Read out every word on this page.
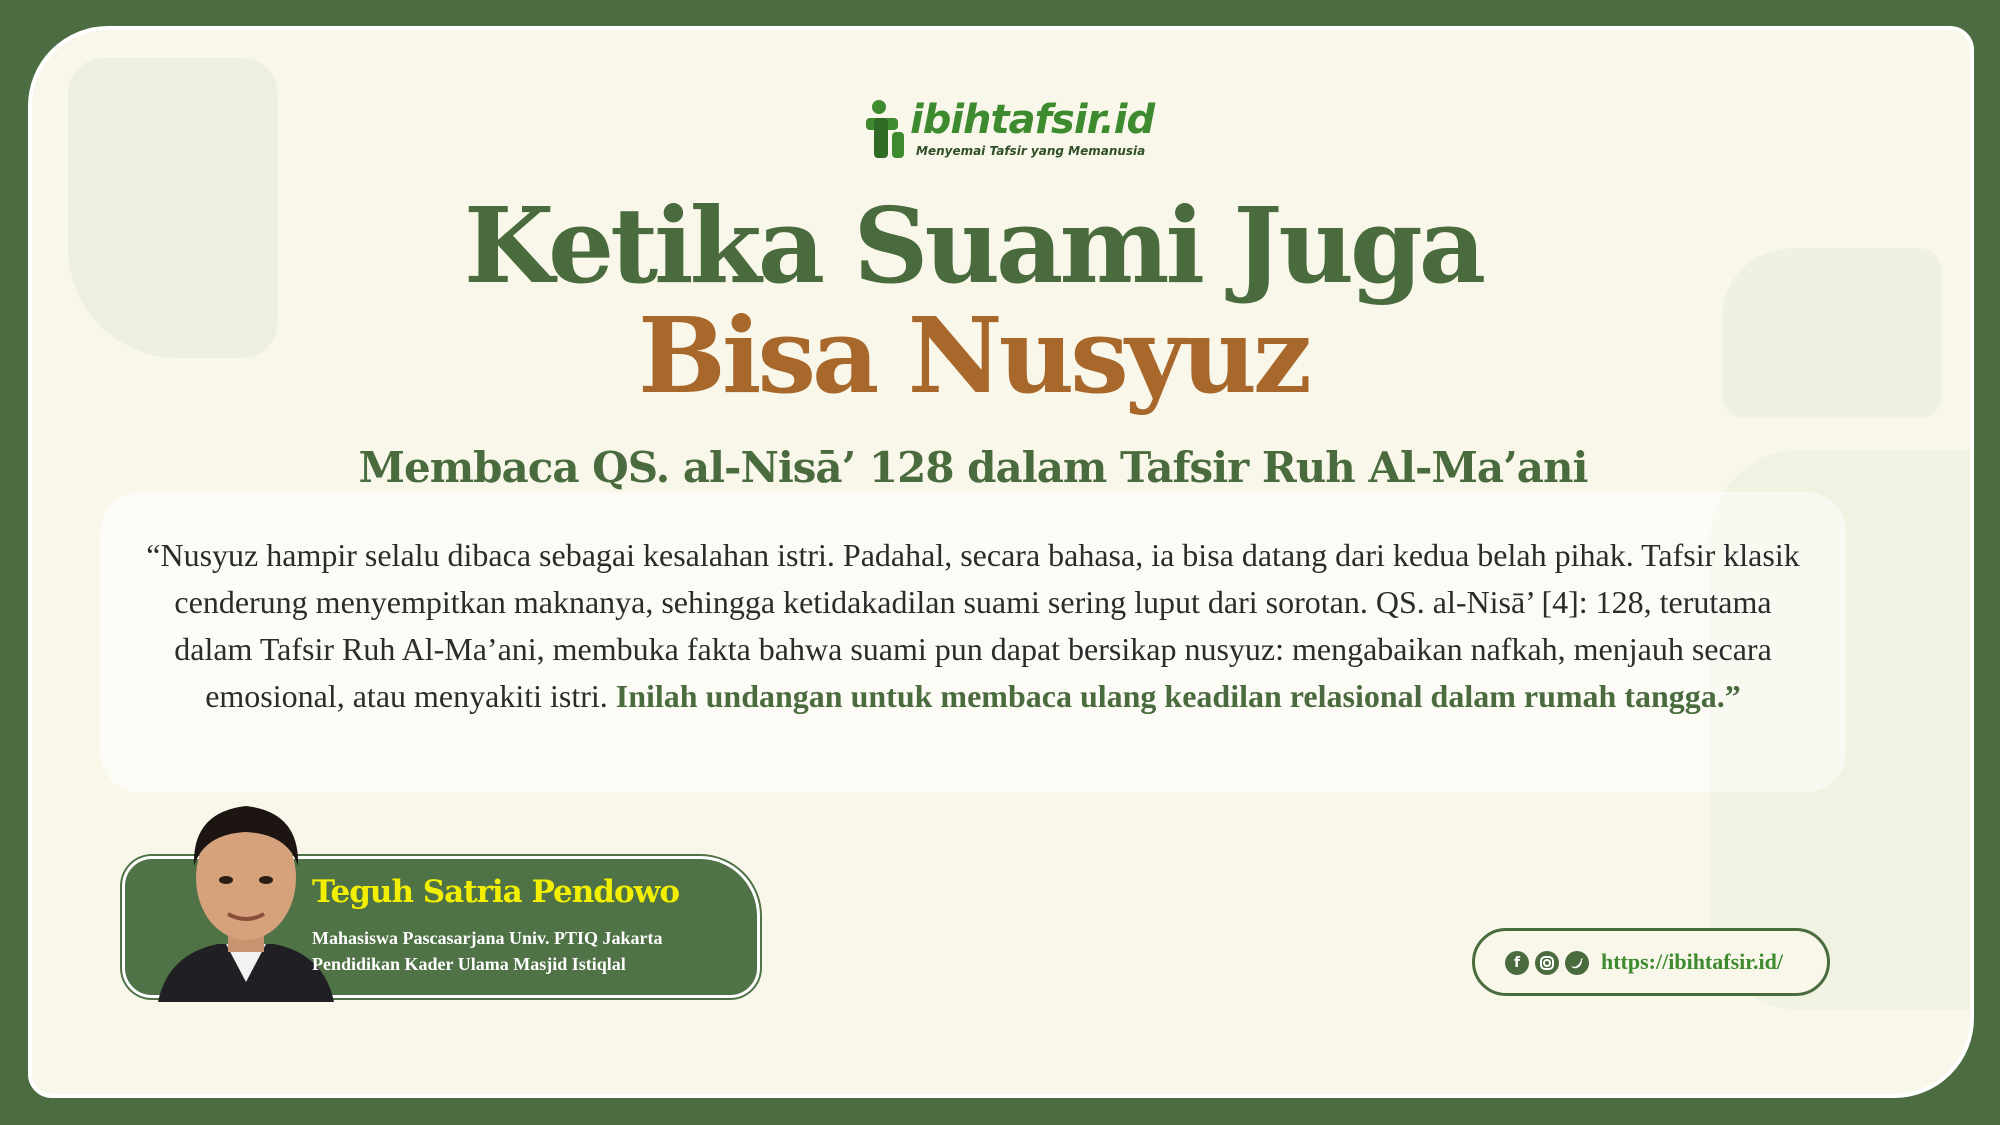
ibihtafsir.id
Menyemai Tafsir yang Memanusia
Ketika Suami Juga
Bisa Nusyuz
Membaca QS. al-Nisā’ 128 dalam Tafsir Ruh Al-Ma’ani
“Nusyuz hampir selalu dibaca sebagai kesalahan istri. Padahal, secara bahasa, ia bisa datang dari kedua belah pihak. Tafsir klasik cenderung menyempitkan maknanya, sehingga ketidakadilan suami sering luput dari sorotan. QS. al-Nisā’ [4]: 128, terutama dalam Tafsir Ruh Al-Ma’ani, membuka fakta bahwa suami pun dapat bersikap nusyuz: mengabaikan nafkah, menjauh secara emosional, atau menyakiti istri. Inilah undangan untuk membaca ulang keadilan relasional dalam rumah tangga.”
Teguh Satria Pendowo
Mahasiswa Pascasarjana Univ. PTIQ Jakarta
Pendidikan Kader Ulama Masjid Istiqlal	f	https://ibihtafsir.id/
